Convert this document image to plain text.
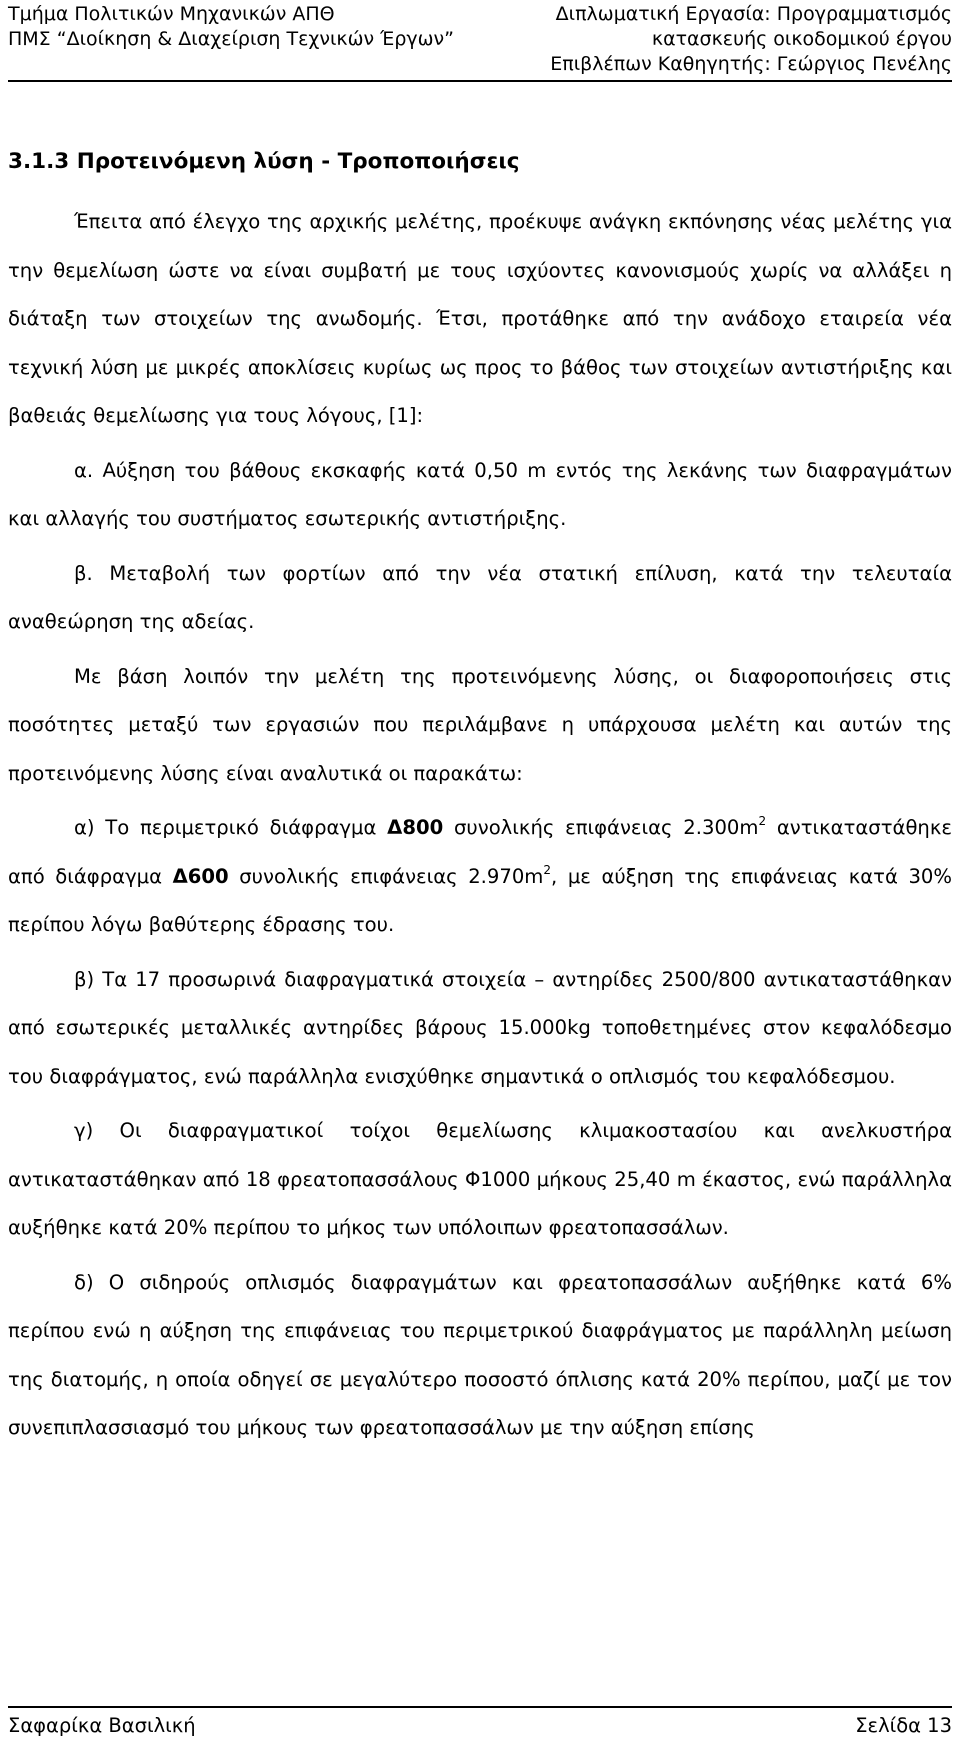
Τμήμα Πολιτικών Μηχανικών ΑΠΘ
ΠΜΣ “Διοίκηση & Διαχείριση Τεχνικών Έργων”
Διπλωματική Εργασία: Προγραμματισμός
κατασκευής οικοδομικού έργου
Επιβλέπων Καθηγητής: Γεώργιος Πενέλης
3.1.3 Προτεινόμενη λύση - Τροποποιήσεις

Έπειτα από έλεγχο της αρχικής μελέτης, προέκυψε ανάγκη εκπόνησης νέας μελέτης για την θεμελίωση ώστε να είναι συμβατή με τους ισχύοντες κανονισμούς χωρίς να αλλάξει η διάταξη των στοιχείων της ανωδομής. Έτσι, προτάθηκε από την ανάδοχο εταιρεία νέα τεχνική λύση με μικρές αποκλίσεις κυρίως ως προς το βάθος των στοιχείων αντιστήριξης και βαθειάς θεμελίωσης για τους λόγους, [1]:

α. Αύξηση του βάθους εκσκαφής κατά 0,50 m εντός της λεκάνης των διαφραγμάτων και αλλαγής του συστήματος εσωτερικής αντιστήριξης.

β. Μεταβολή των φορτίων από την νέα στατική επίλυση, κατά την τελευταία αναθεώρηση της αδείας.

Με βάση λοιπόν την μελέτη της προτεινόμενης λύσης, οι διαφοροποιήσεις στις ποσότητες μεταξύ των εργασιών που περιλάμβανε η υπάρχουσα μελέτη και αυτών της προτεινόμενης λύσης είναι αναλυτικά οι παρακάτω:

α) Το περιμετρικό διάφραγμα Δ800 συνολικής επιφάνειας $2.300m^2$ αντικαταστάθηκε από διάφραγμα Δ600 συνολικής επιφάνειας $2.970m^2$, με αύξηση της επιφάνειας κατά 30% περίπου λόγω βαθύτερης έδρασης του.

β) Τα 17 προσωρινά διαφραγματικά στοιχεία – αντηρίδες 2500/800 αντικαταστάθηκαν από εσωτερικές μεταλλικές αντηρίδες βάρους 15.000kg τοποθετημένες στον κεφαλόδεσμο του διαφράγματος, ενώ παράλληλα ενισχύθηκε σημαντικά ο οπλισμός του κεφαλόδεσμου.

γ) Οι διαφραγματικοί τοίχοι θεμελίωσης κλιμακοστασίου και ανελκυστήρα αντικαταστάθηκαν από 18 φρεατοπασσάλους Φ1000 μήκους 25,40 m έκαστος, ενώ παράλληλα αυξήθηκε κατά 20% περίπου το μήκος των υπόλοιπων φρεατοπασσάλων.

δ) Ο σιδηρούς οπλισμός διαφραγμάτων και φρεατοπασσάλων αυξήθηκε κατά 6% περίπου ενώ η αύξηση της επιφάνειας του περιμετρικού διαφράγματος με παράλληλη μείωση της διατομής, η οποία οδηγεί σε μεγαλύτερο ποσοστό όπλισης κατά 20% περίπου, μαζί με τον συνεπιπλασσιασμό του μήκους των φρεατοπασσάλων με την αύξηση επίσης

Σαφαρίκα Βασιλική	Σελίδα 13
